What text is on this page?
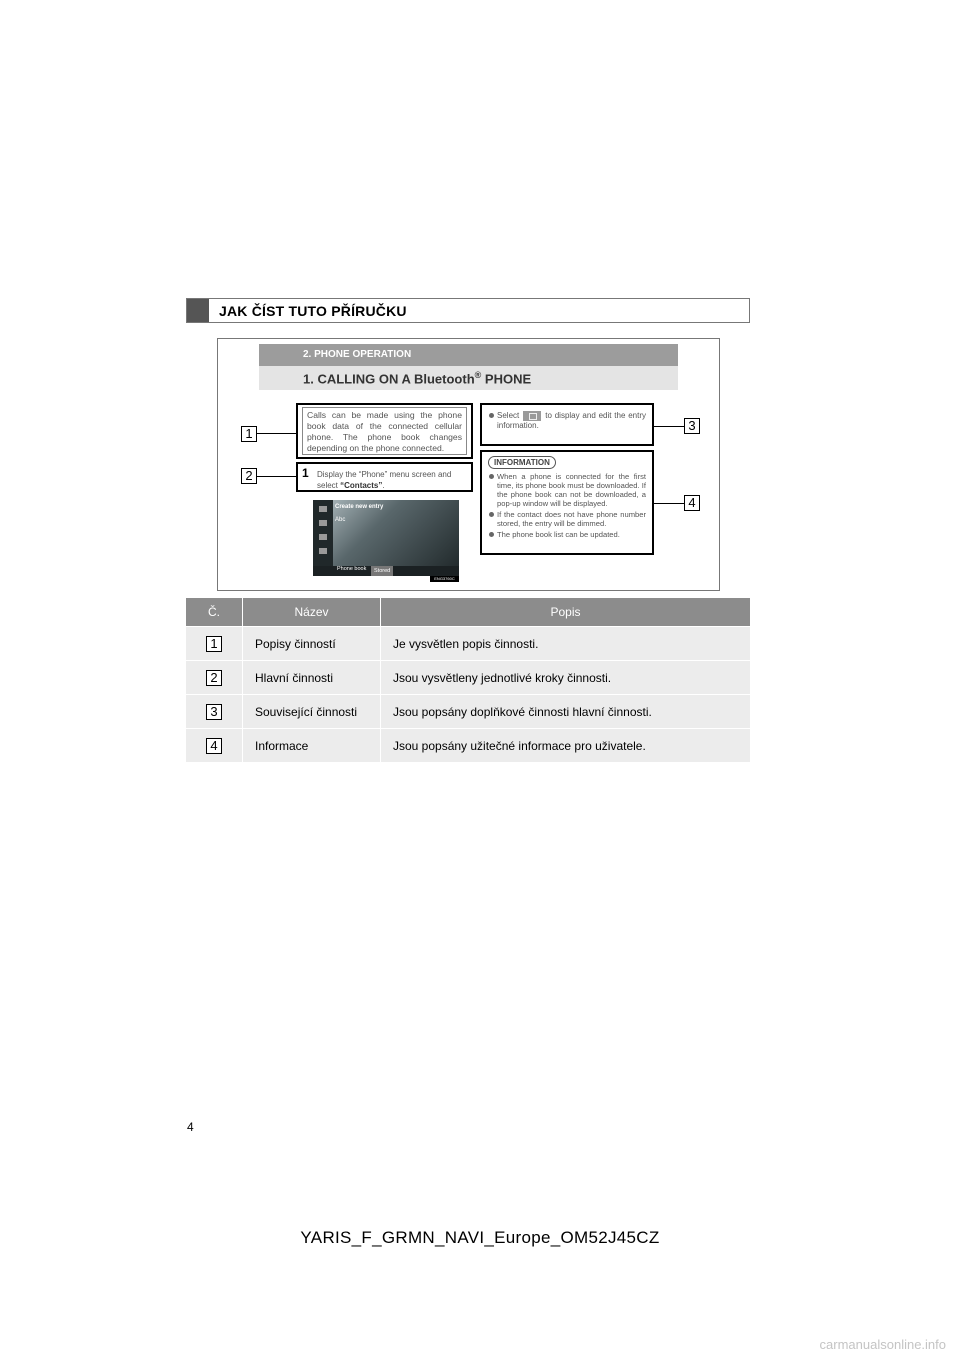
JAK ČÍST TUTO PŘÍRUČKU
2. PHONE OPERATION
1. CALLING ON A Bluetooth® PHONE
Calls can be made using the phone book data of the connected cellular phone. The phone book changes depending on the phone connected.
1 Display the “Phone” menu screen and select “Contacts”.
Select	to display and edit the entry information.
INFORMATION
When a phone is connected for the first time, its phone book must be downloaded. If the phone book can not be downloaded, a pop-up window will be displayed.
If the contact does not have phone number stored, the entry will be dimmed.
The phone book list can be updated.
Create new entry
Abc
Phone book	Stored
ENG3760C
1
2
3
4
Č.	Název	Popis
1	Popisy činností	Je vysvětlen popis činnosti.
2	Hlavní činnosti	Jsou vysvětleny jednotlivé kroky činnosti.
3	Související činnosti	Jsou popsány doplňkové činnosti hlavní činnosti.
4	Informace	Jsou popsány užitečné informace pro uživatele.
4
YARIS_F_GRMN_NAVI_Europe_OM52J45CZ
carmanualsonline.info
